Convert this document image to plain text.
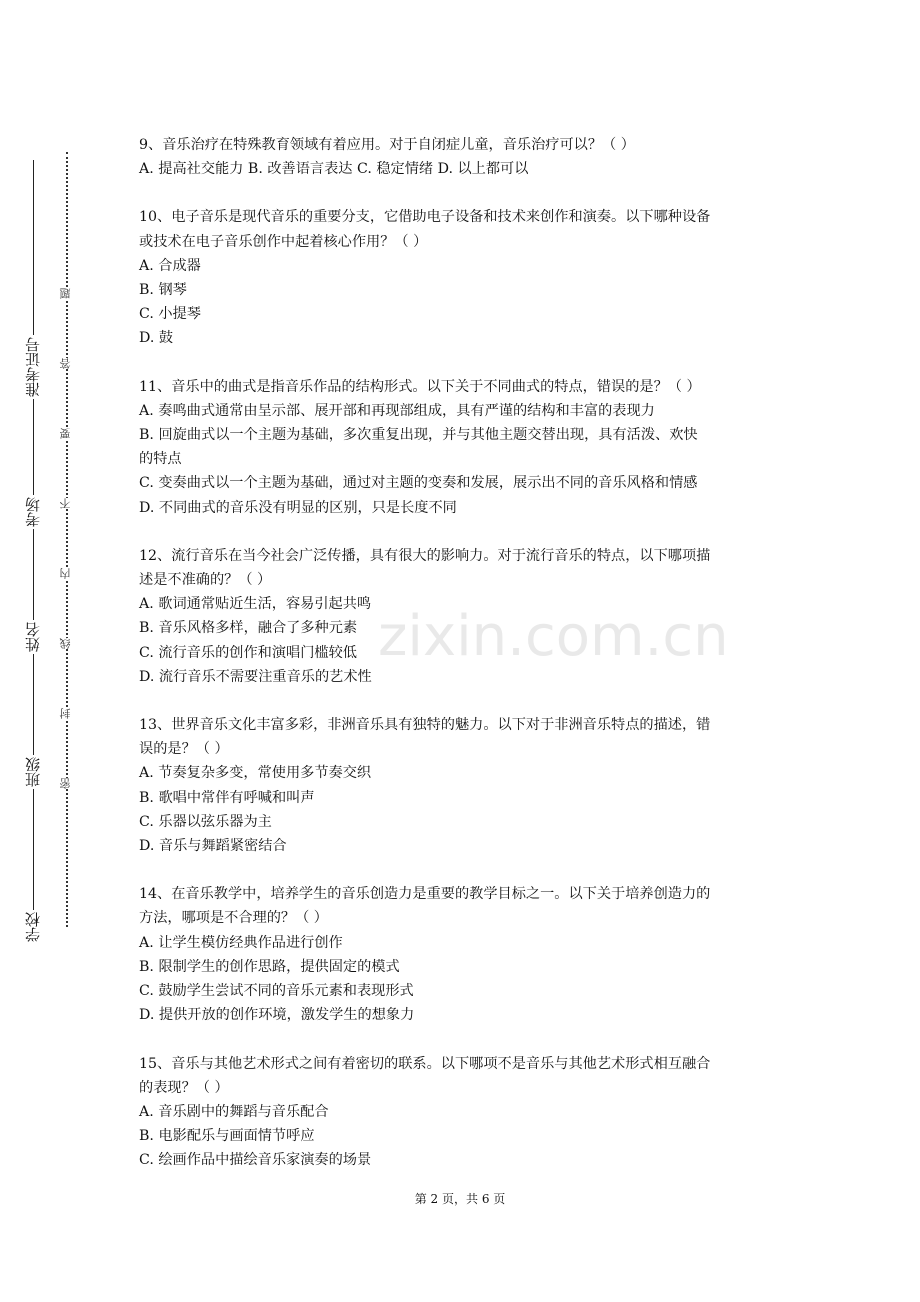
准考证号
考场
姓名
班级
学校
题
答
要
不
内
线
封
密
zixin.com.cn

9、音乐治疗在特殊教育领域有着应用。对于自闭症儿童，音乐治疗可以？（ ）

A. 提高社交能力 B. 改善语言表达 C. 稳定情绪 D. 以上都可以

10、电子音乐是现代音乐的重要分支，它借助电子设备和技术来创作和演奏。以下哪种设备

或技术在电子音乐创作中起着核心作用？（ ）

A. 合成器

B. 钢琴

C. 小提琴

D. 鼓

11、音乐中的曲式是指音乐作品的结构形式。以下关于不同曲式的特点，错误的是？（ ）

A. 奏鸣曲式通常由呈示部、展开部和再现部组成，具有严谨的结构和丰富的表现力

B. 回旋曲式以一个主题为基础，多次重复出现，并与其他主题交替出现，具有活泼、欢快

的特点

C. 变奏曲式以一个主题为基础，通过对主题的变奏和发展，展示出不同的音乐风格和情感

D. 不同曲式的音乐没有明显的区别，只是长度不同

12、流行音乐在当今社会广泛传播，具有很大的影响力。对于流行音乐的特点，以下哪项描

述是不准确的？（ ）

A. 歌词通常贴近生活，容易引起共鸣

B. 音乐风格多样，融合了多种元素

C. 流行音乐的创作和演唱门槛较低

D. 流行音乐不需要注重音乐的艺术性

13、世界音乐文化丰富多彩，非洲音乐具有独特的魅力。以下对于非洲音乐特点的描述，错

误的是？（ ）

A. 节奏复杂多变，常使用多节奏交织

B. 歌唱中常伴有呼喊和叫声

C. 乐器以弦乐器为主

D. 音乐与舞蹈紧密结合

14、在音乐教学中，培养学生的音乐创造力是重要的教学目标之一。以下关于培养创造力的

方法，哪项是不合理的？（ ）

A. 让学生模仿经典作品进行创作

B. 限制学生的创作思路，提供固定的模式

C. 鼓励学生尝试不同的音乐元素和表现形式

D. 提供开放的创作环境，激发学生的想象力

15、音乐与其他艺术形式之间有着密切的联系。以下哪项不是音乐与其他艺术形式相互融合

的表现？（ ）

A. 音乐剧中的舞蹈与音乐配合

B. 电影配乐与画面情节呼应

C. 绘画作品中描绘音乐家演奏的场景

第 2 页，共 6 页
